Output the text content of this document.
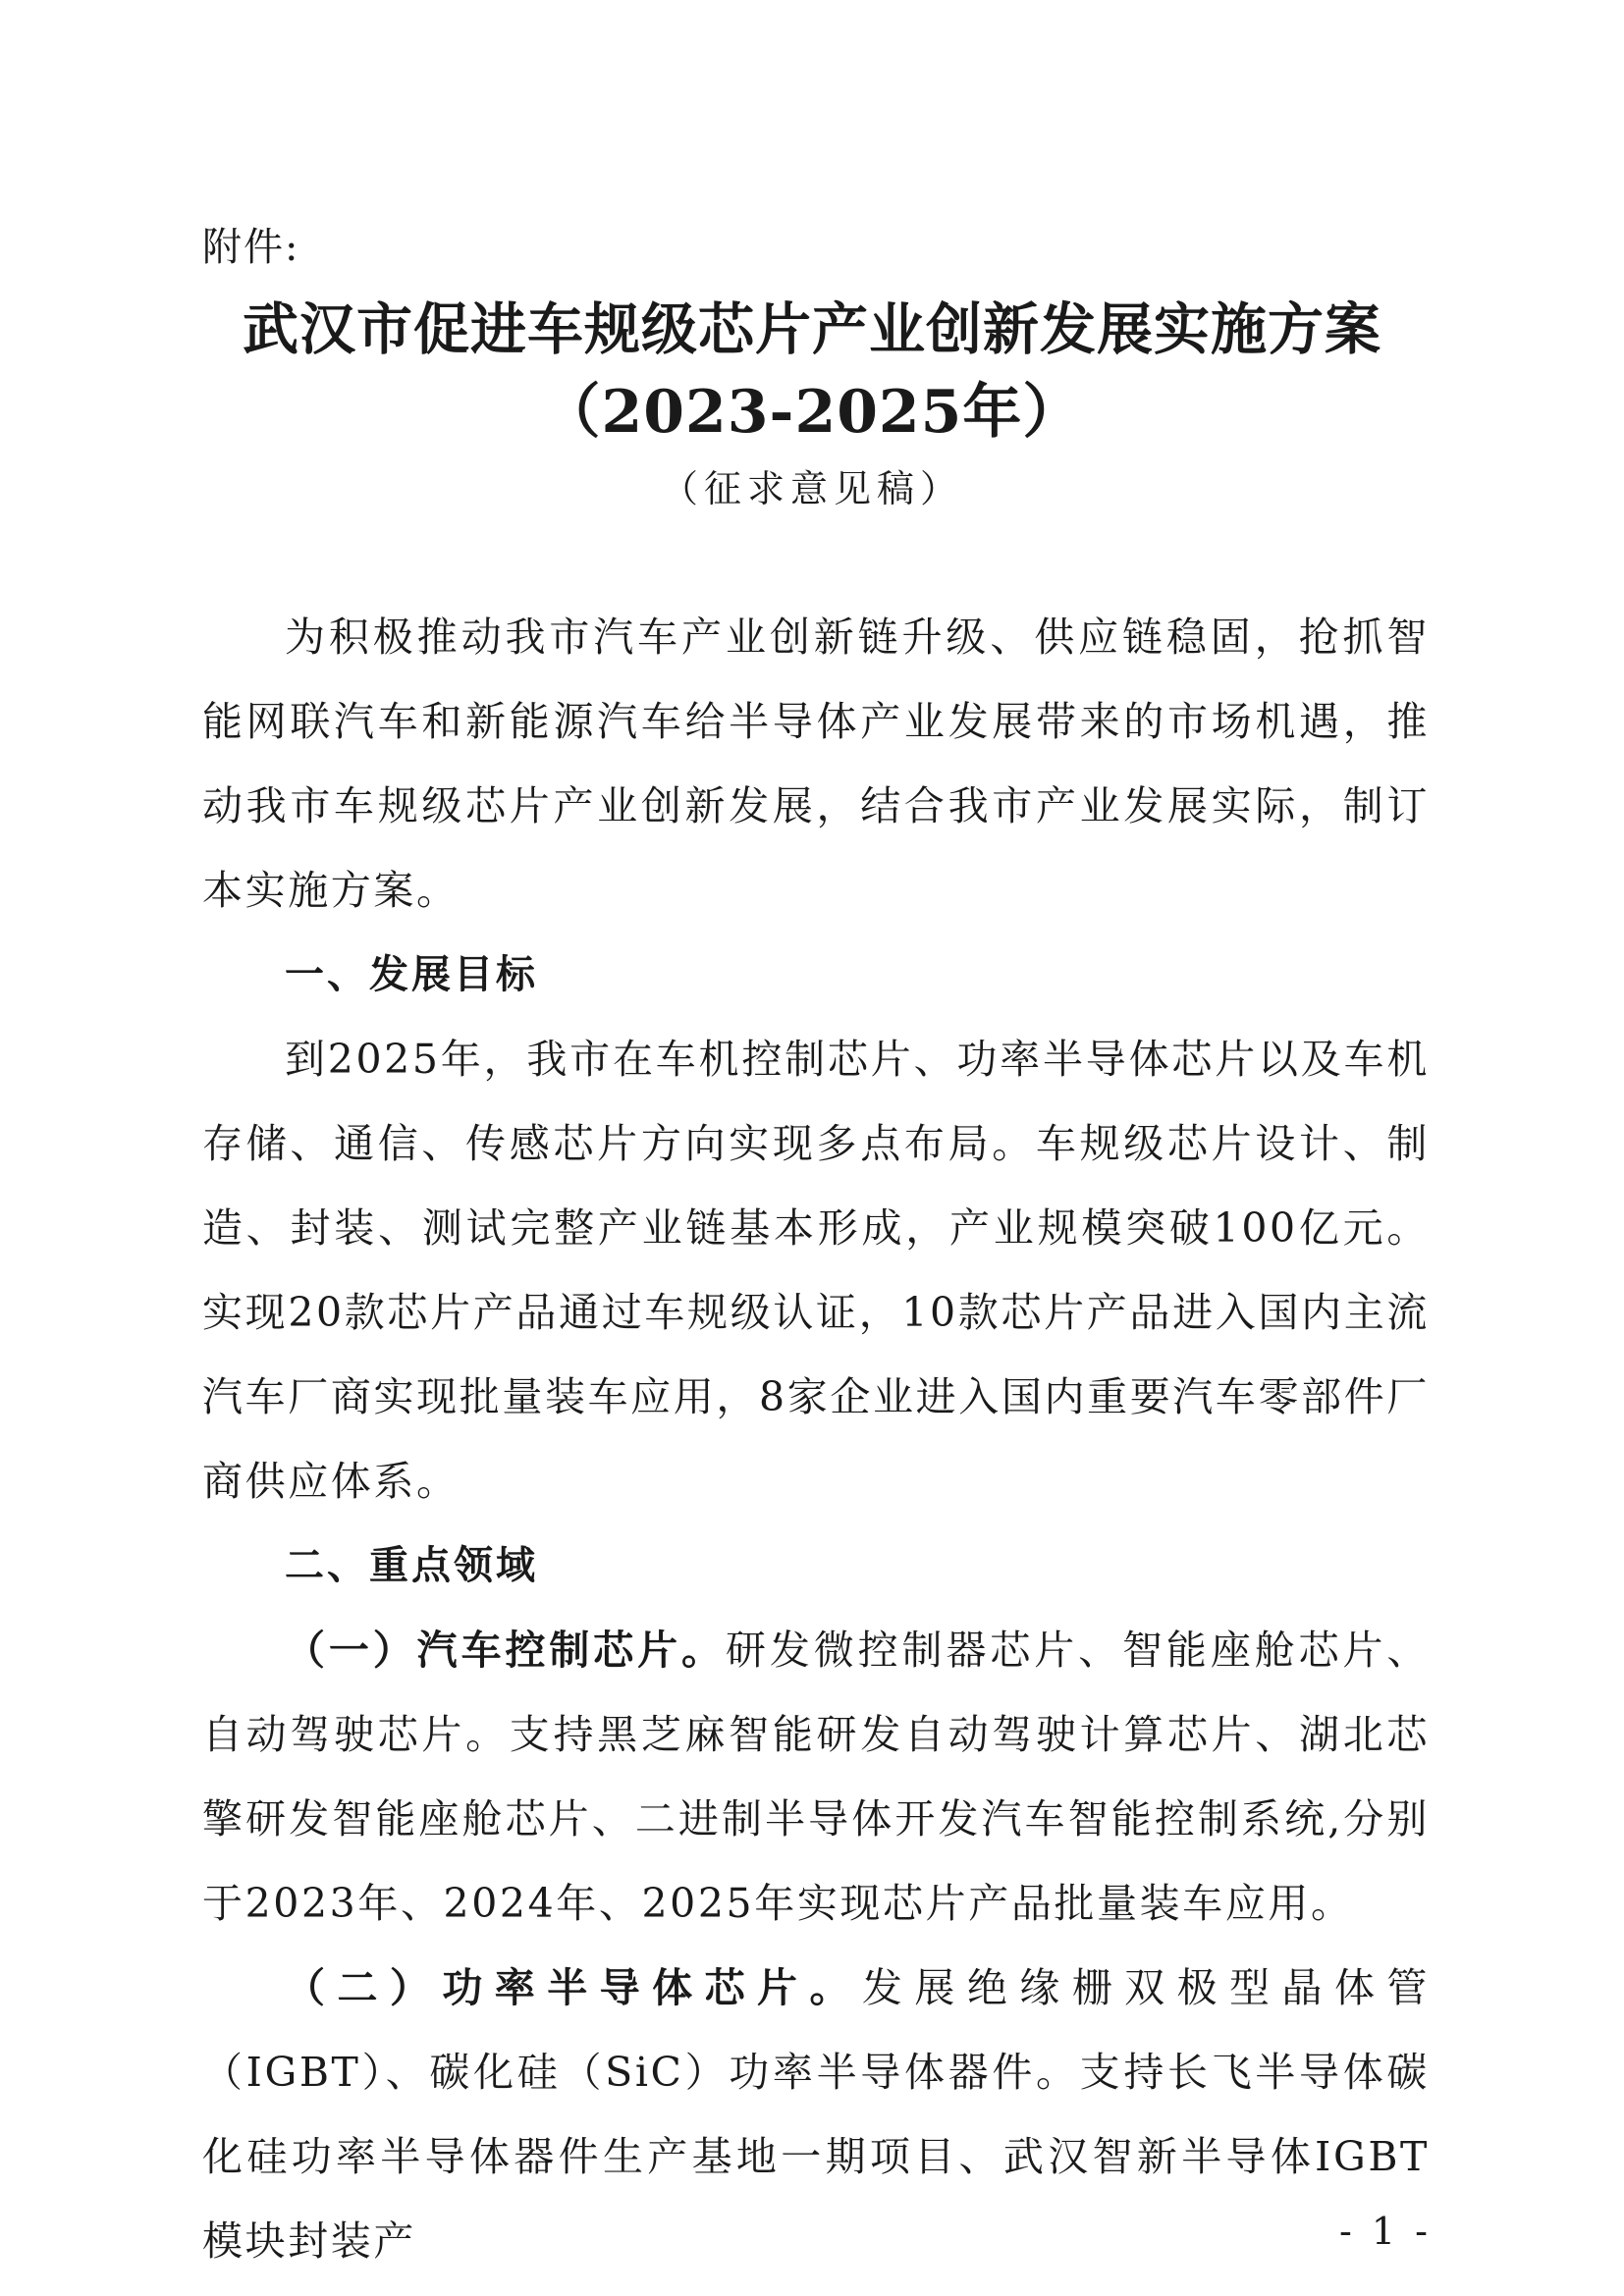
附件:
武汉市促进车规级芯片产业创新发展实施方案
（2023-2025年）
（征求意见稿）

为积极推动我市汽车产业创新链升级、供应链稳固，抢抓智能网联汽车和新能源汽车给半导体产业发展带来的市场机遇，推动我市车规级芯片产业创新发展，结合我市产业发展实际，制订本实施方案。

一、发展目标

到2025年，我市在车机控制芯片、功率半导体芯片以及车机存储、通信、传感芯片方向实现多点布局。车规级芯片设计、制造、封装、测试完整产业链基本形成，产业规模突破100亿元。实现20款芯片产品通过车规级认证，10款芯片产品进入国内主流汽车厂商实现批量装车应用，8家企业进入国内重要汽车零部件厂商供应体系。

二、重点领域

（一）汽车控制芯片。研发微控制器芯片、智能座舱芯片、自动驾驶芯片。支持黑芝麻智能研发自动驾驶计算芯片、湖北芯擎研发智能座舱芯片、二进制半导体开发汽车智能控制系统,分别于2023年、2024年、2025年实现芯片产品批量装车应用。

（二）功率半导体芯片。发展绝缘栅双极型晶体管（IGBT）、碳化硅（SiC）功率半导体器件。支持长飞半导体碳化硅功率半导体器件生产基地一期项目、武汉智新半导体IGBT模块封装产	- 1 -
